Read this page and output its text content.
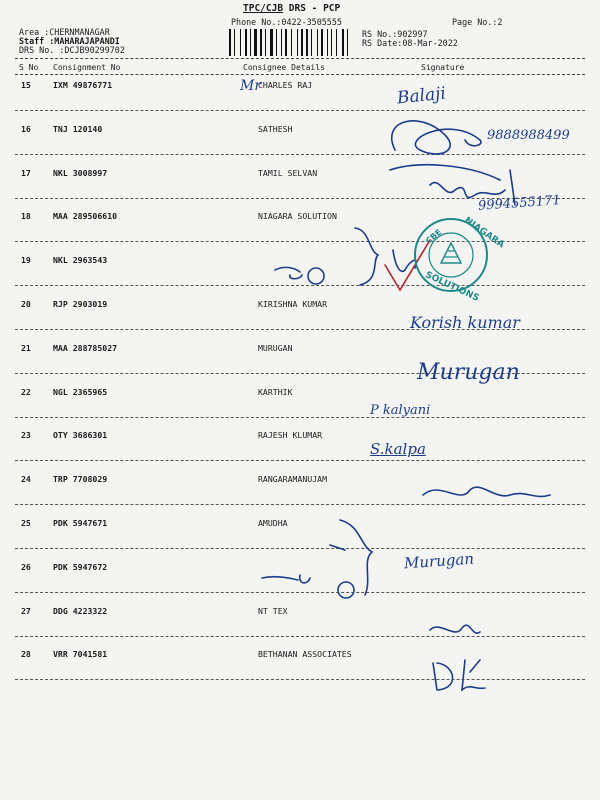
TPC/CJB DRS - PCP
Phone No.:0422-3505555	Page No.:2
Area :CHERNMANAGAR
Staff :MAHARAJAPANDI
DRS No. :DCJB90299702
RS No.:902997
RS Date:08-Mar-2022
S No Consignment No	Consignee Details	Signature
15	IXM 49876771	CHARLES RAJ
16	TNJ 120140	SATHESH
17	NKL 3008997	TAMIL SELVAN
18	MAA 289506610	NIAGARA SOLUTION
19	NKL 2963543
20	RJP 2903019	KIRISHNA KUMAR
21	MAA 288785027	MURUGAN
22	NGL 2365965	KARTHIK
23	OTY 3686301	RAJESH KLUMAR
24	TRP 7708029	RANGARAMANUJAM
25	PDK 5947671	AMUDHA
26	PDK 5947672
27	DDG 4223322	NT TEX
28	VRR 7041581	BETHANAN ASSOCIATES
NIAGARA
SOLUTIONS
CBE
Mr	Balaji
9888988499
9994555171
Korish kumar
Murugan
P kalyani
S.kalpa
Murugan
